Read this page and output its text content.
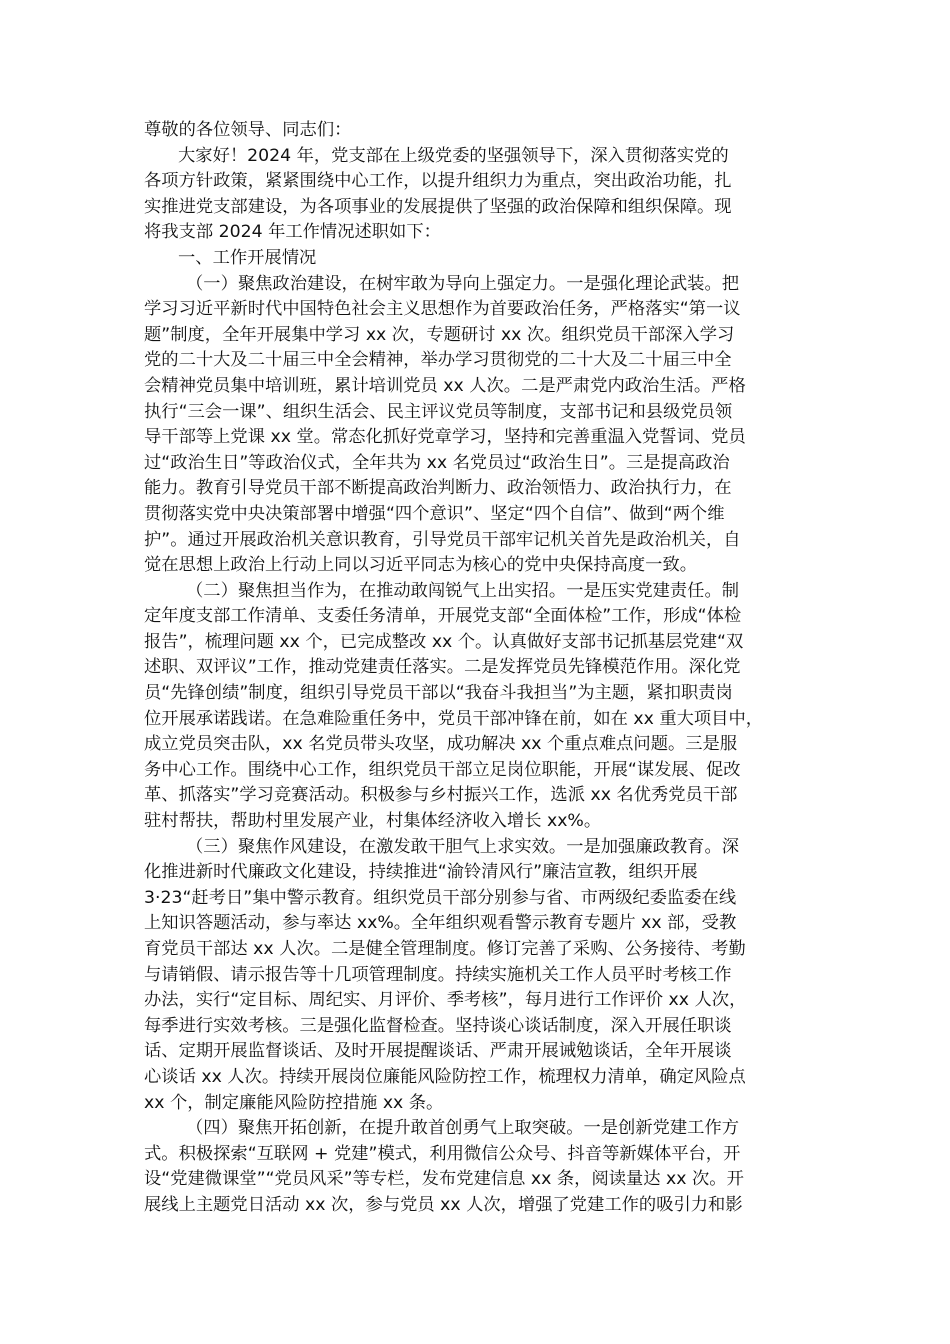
尊敬的各位领导、同志们：

大家好！2024 年，党支部在上级党委的坚强领导下，深入贯彻落实党的
各项方针政策，紧紧围绕中心工作，以提升组织力为重点，突出政治功能，扎
实推进党支部建设，为各项事业的发展提供了坚强的政治保障和组织保障。现
将我支部 2024 年工作情况述职如下：

一、工作开展情况

（一）聚焦政治建设，在树牢敢为导向上强定力。一是强化理论武装。把
学习习近平新时代中国特色社会主义思想作为首要政治任务，严格落实“第一议
题”制度，全年开展集中学习 xx 次，专题研讨 xx 次。组织党员干部深入学习
党的二十大及二十届三中全会精神，举办学习贯彻党的二十大及二十届三中全
会精神党员集中培训班，累计培训党员 xx 人次。二是严肃党内政治生活。严格
执行“三会一课”、组织生活会、民主评议党员等制度，支部书记和县级党员领
导干部等上党课 xx 堂。常态化抓好党章学习，坚持和完善重温入党誓词、党员
过“政治生日”等政治仪式，全年共为 xx 名党员过“政治生日”。三是提高政治
能力。教育引导党员干部不断提高政治判断力、政治领悟力、政治执行力，在
贯彻落实党中央决策部署中增强“四个意识”、坚定“四个自信”、做到“两个维
护”。通过开展政治机关意识教育，引导党员干部牢记机关首先是政治机关，自
觉在思想上政治上行动上同以习近平同志为核心的党中央保持高度一致。

（二）聚焦担当作为，在推动敢闯锐气上出实招。一是压实党建责任。制
定年度支部工作清单、支委任务清单，开展党支部“全面体检”工作，形成“体检
报告”，梳理问题 xx 个，已完成整改 xx 个。认真做好支部书记抓基层党建“双
述职、双评议”工作，推动党建责任落实。二是发挥党员先锋模范作用。深化党
员“先锋创绩”制度，组织引导党员干部以“我奋斗我担当”为主题，紧扣职责岗
位开展承诺践诺。在急难险重任务中，党员干部冲锋在前，如在 xx 重大项目中，
成立党员突击队，xx 名党员带头攻坚，成功解决 xx 个重点难点问题。三是服
务中心工作。围绕中心工作，组织党员干部立足岗位职能，开展“谋发展、促改
革、抓落实”学习竞赛活动。积极参与乡村振兴工作，选派 xx 名优秀党员干部
驻村帮扶，帮助村里发展产业，村集体经济收入增长 xx%。

（三）聚焦作风建设，在激发敢干胆气上求实效。一是加强廉政教育。深
化推进新时代廉政文化建设，持续推进“渝铃清风行”廉洁宣教，组织开展
3·23“赶考日”集中警示教育。组织党员干部分别参与省、市两级纪委监委在线
上知识答题活动，参与率达 xx%。全年组织观看警示教育专题片 xx 部，受教
育党员干部达 xx 人次。二是健全管理制度。修订完善了采购、公务接待、考勤
与请销假、请示报告等十几项管理制度。持续实施机关工作人员平时考核工作
办法，实行“定目标、周纪实、月评价、季考核”，每月进行工作评价 xx 人次，
每季进行实效考核。三是强化监督检查。坚持谈心谈话制度，深入开展任职谈
话、定期开展监督谈话、及时开展提醒谈话、严肃开展诫勉谈话，全年开展谈
心谈话 xx 人次。持续开展岗位廉能风险防控工作，梳理权力清单，确定风险点
xx 个，制定廉能风险防控措施 xx 条。

（四）聚焦开拓创新，在提升敢首创勇气上取突破。一是创新党建工作方
式。积极探索“互联网 + 党建”模式，利用微信公众号、抖音等新媒体平台，开
设“党建微课堂”“党员风采”等专栏，发布党建信息 xx 条，阅读量达 xx 次。开
展线上主题党日活动 xx 次，参与党员 xx 人次，增强了党建工作的吸引力和影
